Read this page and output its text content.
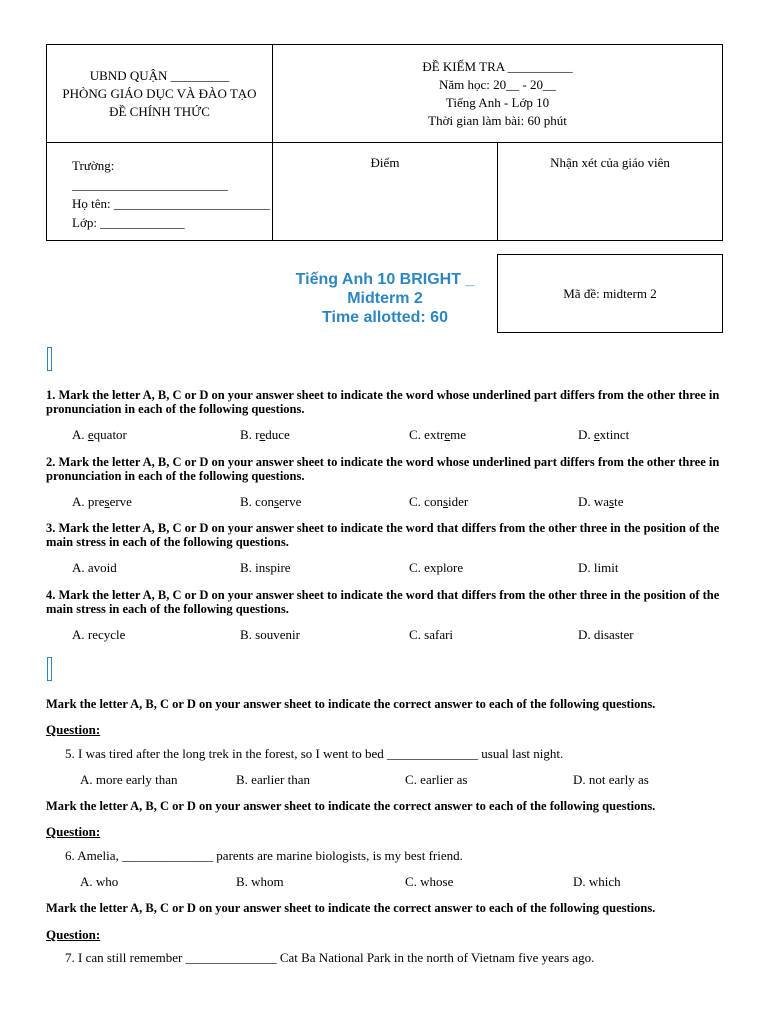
UBND QUẬN _________
PHÒNG GIÁO DỤC VÀ ĐÀO TẠO
ĐỀ CHÍNH THỨC
ĐỀ KIỂM TRA __________
Năm học: 20__ - 20__
Tiếng Anh - Lớp 10
Thời gian làm bài: 60 phút
Trường:
________________________
Họ tên: ________________________
Lớp: _____________
Điểm	Nhận xét của giáo viên
Tiếng Anh 10 BRIGHT _
Midterm 2
Time allotted: 60
Mã đề: midterm 2
1. Mark the letter A, B, C or D on your answer sheet to indicate the word whose underlined part differs from the other three in pronunciation in each of the following questions.
A. equator	B. reduce	C. extreme	D. extinct
2. Mark the letter A, B, C or D on your answer sheet to indicate the word whose underlined part differs from the other three in pronunciation in each of the following questions.
A. preserve	B. conserve	C. consider	D. waste
3. Mark the letter A, B, C or D on your answer sheet to indicate the word that differs from the other three in the position of the main stress in each of the following questions.
A. avoid	B. inspire	C. explore	D. limit
4. Mark the letter A, B, C or D on your answer sheet to indicate the word that differs from the other three in the position of the main stress in each of the following questions.
A. recycle	B. souvenir	C. safari	D. disaster
Mark the letter A, B, C or D on your answer sheet to indicate the correct answer to each of the following questions.
Question:
5. I was tired after the long trek in the forest, so I went to bed ______________ usual last night.
A. more early than	B. earlier than	C. earlier as	D. not early as
Mark the letter A, B, C or D on your answer sheet to indicate the correct answer to each of the following questions.
Question:
6. Amelia, ______________ parents are marine biologists, is my best friend.
A. who	B. whom	C. whose	D. which
Mark the letter A, B, C or D on your answer sheet to indicate the correct answer to each of the following questions.
Question:
7. I can still remember ______________ Cat Ba National Park in the north of Vietnam five years ago.
